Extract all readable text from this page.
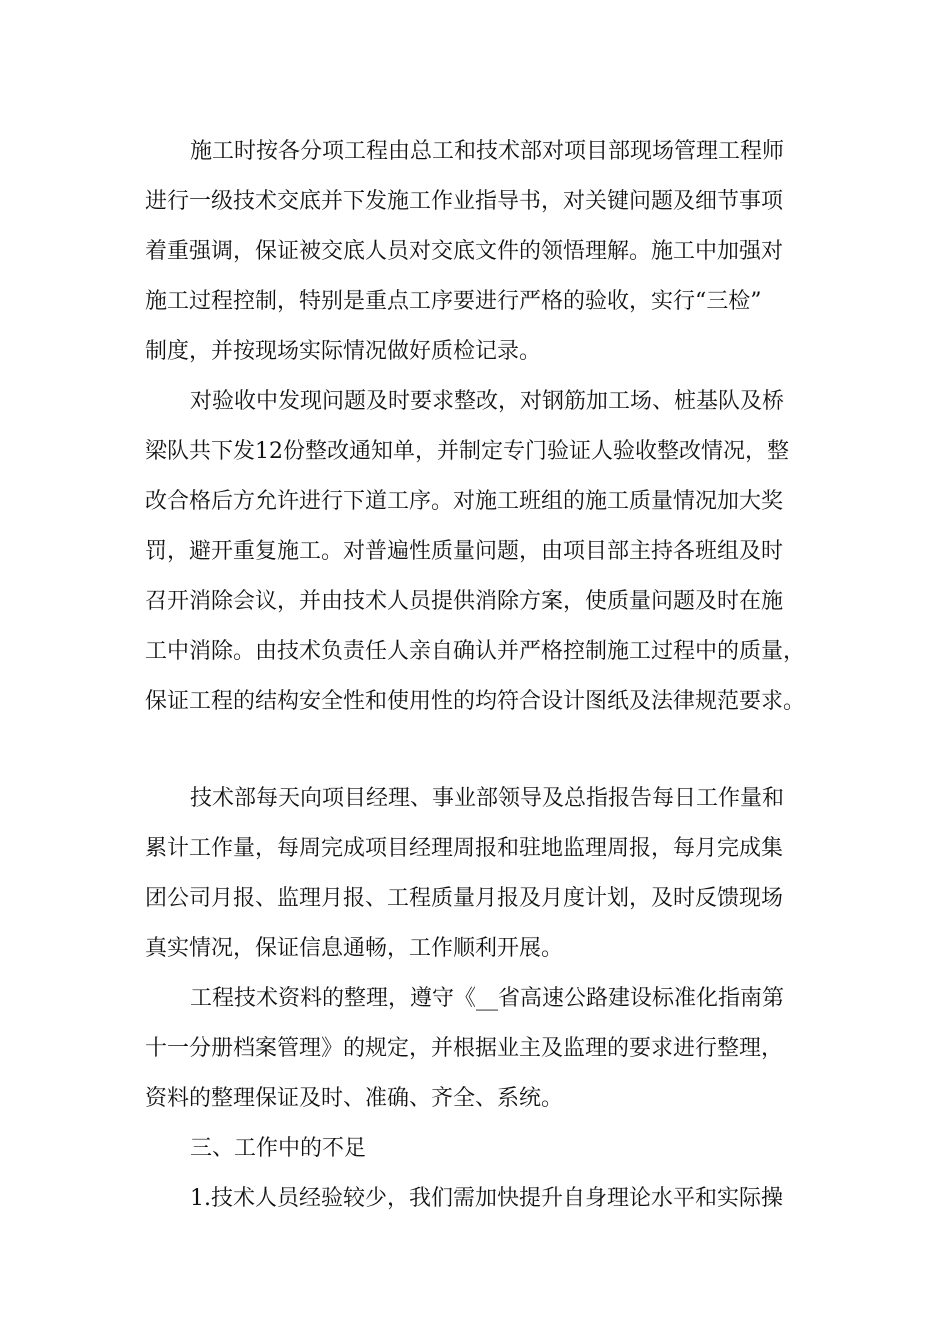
施工时按各分项工程由总工和技术部对项目部现场管理工程师
进行一级技术交底并下发施工作业指导书，对关键问题及细节事项
着重强调，保证被交底人员对交底文件的领悟理解。施工中加强对
施工过程控制，特别是重点工序要进行严格的验收，实行“三检”
制度，并按现场实际情况做好质检记录。
对验收中发现问题及时要求整改，对钢筋加工场、桩基队及桥
梁队共下发12份整改通知单，并制定专门验证人验收整改情况，整
改合格后方允许进行下道工序。对施工班组的施工质量情况加大奖
罚，避开重复施工。对普遍性质量问题，由项目部主持各班组及时
召开消除会议，并由技术人员提供消除方案，使质量问题及时在施
工中消除。由技术负责任人亲自确认并严格控制施工过程中的质量，
保证工程的结构安全性和使用性的均符合设计图纸及法律规范要求。
技术部每天向项目经理、事业部领导及总指报告每日工作量和
累计工作量，每周完成项目经理周报和驻地监理周报，每月完成集
团公司月报、监理月报、工程质量月报及月度计划，及时反馈现场
真实情况，保证信息通畅，工作顺利开展。
工程技术资料的整理，遵守《__省高速公路建设标准化指南第
十一分册档案管理》的规定，并根据业主及监理的要求进行整理，
资料的整理保证及时、准确、齐全、系统。
三、工作中的不足
1.技术人员经验较少，我们需加快提升自身理论水平和实际操
